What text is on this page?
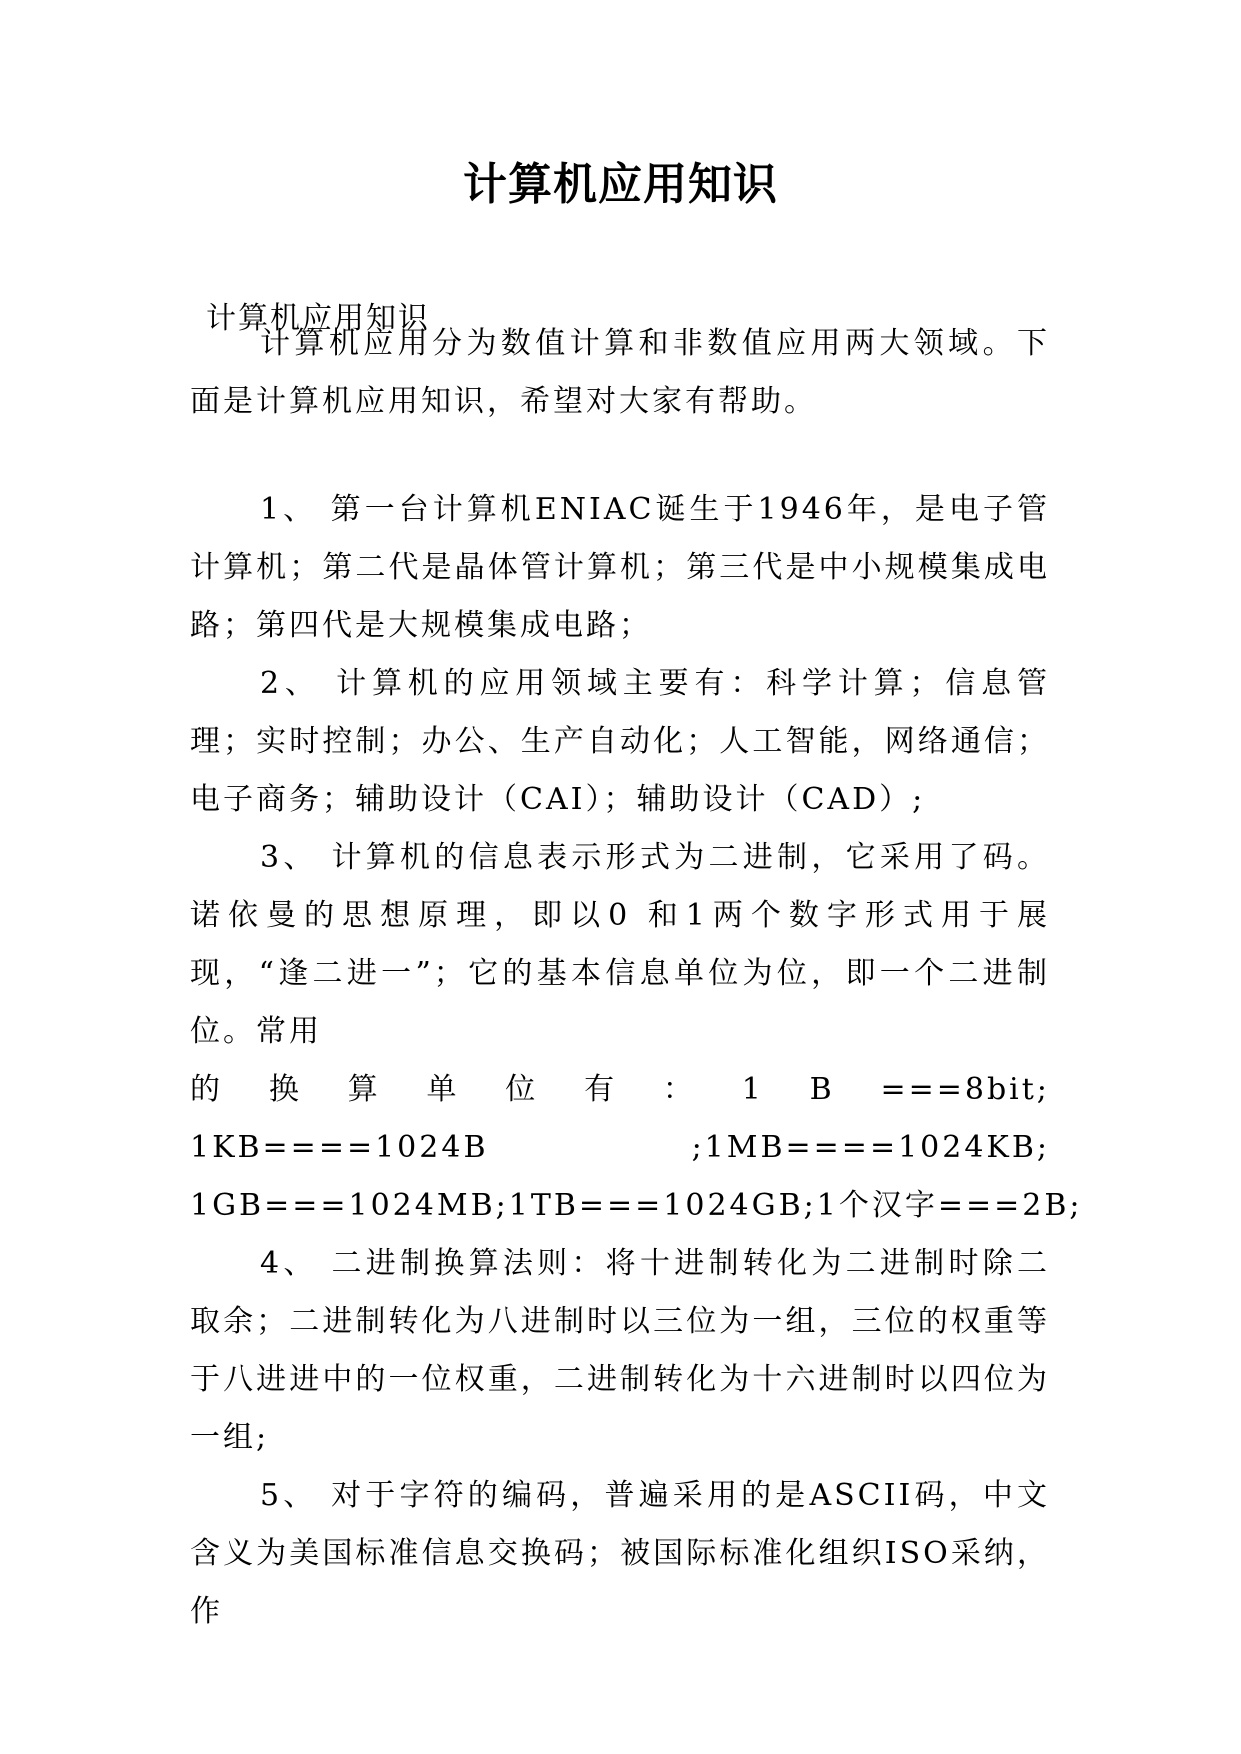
计算机应用知识

计算机应用知识

计算机应用分为数值计算和非数值应用两大领域。下面是计算机应用知识，希望对大家有帮助。

1、 第一台计算机ENIAC诞生于1946年，是电子管计算机；第二代是晶体管计算机；第三代是中小规模集成电路；第四代是大规模集成电路；

2、 计算机的应用领域主要有：科学计算；信息管理；实时控制；办公、生产自动化；人工智能，网络通信；电子商务；辅助设计（CAI）；辅助设计（CAD）;

3、 计算机的信息表示形式为二进制，它采用了码。诺依曼的思想原理，即以0 和1两个数字形式用于展现，“逢二进一”；它的基本信息单位为位，即一个二进制位。常用

的 换 算 单 位 有 ： 1 B ===8bit;
1KB====1024B	;1MB====1024KB;

1GB===1024MB;1TB===1024GB;1个汉字===2B;

4、 二进制换算法则：将十进制转化为二进制时除二取余；二进制转化为八进制时以三位为一组，三位的权重等于八进进中的一位权重，二进制转化为十六进制时以四位为一组;

5、 对于字符的编码，普遍采用的是ASCII码，中文含义为美国标准信息交换码；被国际标准化组织ISO采纳，作
